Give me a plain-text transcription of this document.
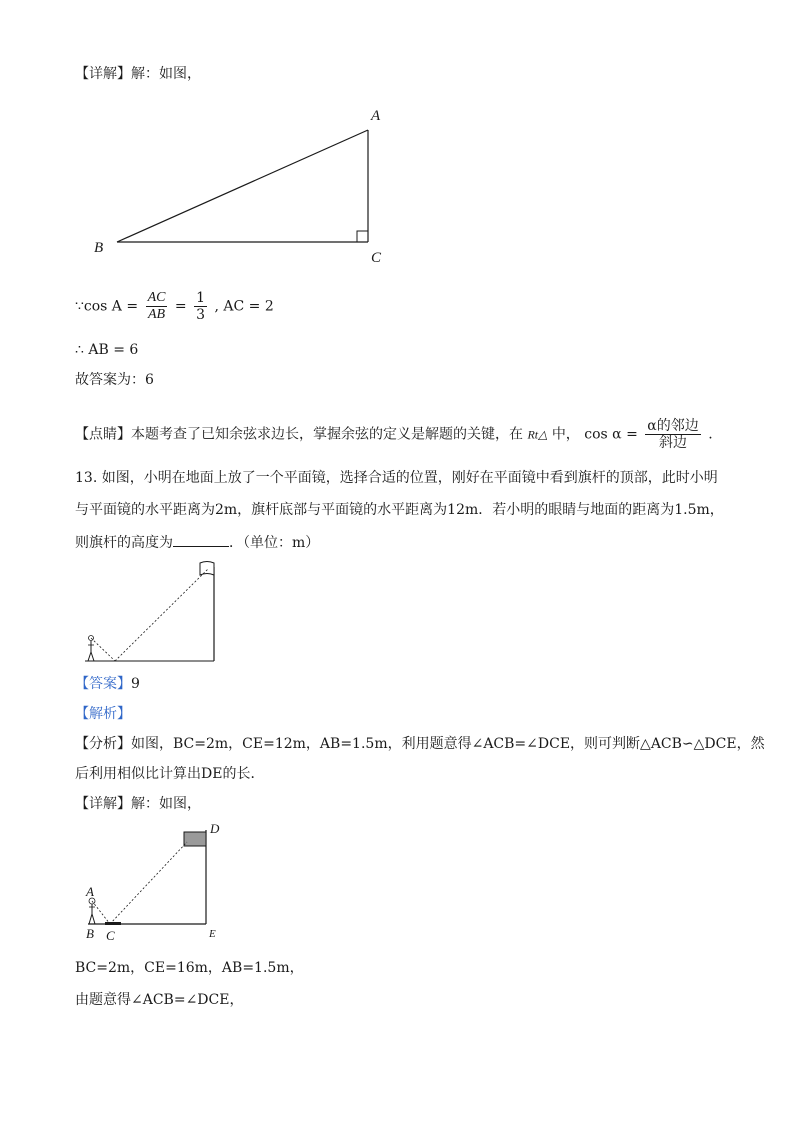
【详解】解：如图，
A
B
C
∵cos $A = \frac{AC}{AB} = \frac{1}{3}$ , AC = 2
∴ AB = 6
故答案为：6
【点睛】本题考查了已知余弦求边长，掌握余弦的定义是解题的关键，在 Rt△ 中， $\cos \alpha = \frac{\text{α的邻边}}{\text{斜边}}$ .
13. 如图，小明在地面上放了一个平面镜，选择合适的位置，刚好在平面镜中看到旗杆的顶部，此时小明
与平面镜的水平距离为2m，旗杆底部与平面镜的水平距离为12m．若小明的眼睛与地面的距离为1.5m，
则旗杆的高度为	．（单位：m）
【答案】9
【解析】
【分析】如图，BC=2m，CE=12m，AB=1.5m，利用题意得∠ACB=∠DCE，则可判断△ACB∽△DCE，然
后利用相似比计算出DE的长．
【详解】解：如图，
A
B C
D
E
BC=2m，CE=16m，AB=1.5m，
由题意得∠ACB=∠DCE，
